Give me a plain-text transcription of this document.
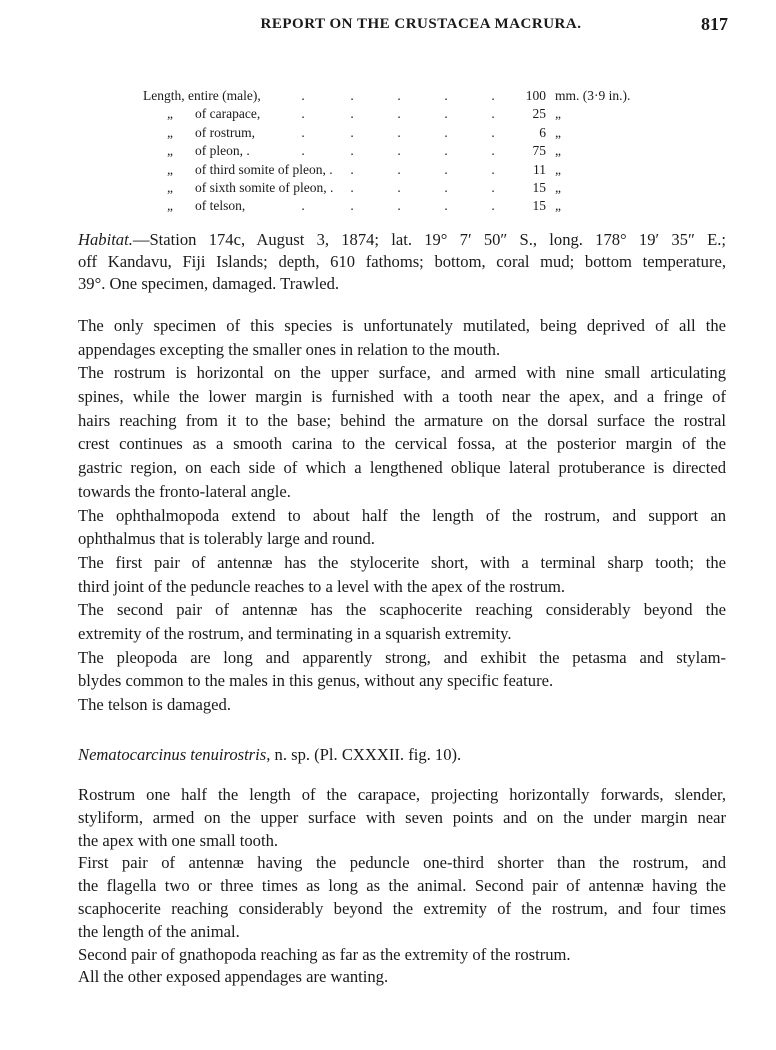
REPORT ON THE CRUSTACEA MACRURA.	817
Length, entire (male),	.	.	.	.	.	100 mm. (3·9 in.).
„ of carapace,	.	.	.	.	.	25 „
„ of rostrum,	.	.	.	.	.	6 „
„ of pleon, .	.	.	.	.	.	75 „
„ of third somite of pleon, . .	.	.	.	11 „
„ of sixth somite of pleon, . .	.	.	.	15 „
„ of telson,	.	.	.	.	.	15 „
Habitat.—Station 174c, August 3, 1874; lat. 19° 7′ 50″ S., long. 178° 19′ 35″ E.;
off Kandavu, Fiji Islands; depth, 610 fathoms; bottom, coral mud; bottom temperature,
39°. One specimen, damaged. Trawled.
The only specimen of this species is unfortunately mutilated, being deprived of all the
appendages excepting the smaller ones in relation to the mouth.
The rostrum is horizontal on the upper surface, and armed with nine small articulating
spines, while the lower margin is furnished with a tooth near the apex, and a fringe of
hairs reaching from it to the base; behind the armature on the dorsal surface the rostral
crest continues as a smooth carina to the cervical fossa, at the posterior margin of the
gastric region, on each side of which a lengthened oblique lateral protuberance is directed
towards the fronto-lateral angle.
The ophthalmopoda extend to about half the length of the rostrum, and support an
ophthalmus that is tolerably large and round.
The first pair of antennæ has the stylocerite short, with a terminal sharp tooth; the
third joint of the peduncle reaches to a level with the apex of the rostrum.
The second pair of antennæ has the scaphocerite reaching considerably beyond the
extremity of the rostrum, and terminating in a squarish extremity.
The pleopoda are long and apparently strong, and exhibit the petasma and stylam-
blydes common to the males in this genus, without any specific feature.
The telson is damaged.
Nematocarcinus tenuirostris, n. sp. (Pl. CXXXII. fig. 10).
Rostrum one half the length of the carapace, projecting horizontally forwards, slender,
styliform, armed on the upper surface with seven points and on the under margin near
the apex with one small tooth.
First pair of antennæ having the peduncle one-third shorter than the rostrum, and
the flagella two or three times as long as the animal. Second pair of antennæ having the
scaphocerite reaching considerably beyond the extremity of the rostrum, and four times
the length of the animal.
Second pair of gnathopoda reaching as far as the extremity of the rostrum.
All the other exposed appendages are wanting.
